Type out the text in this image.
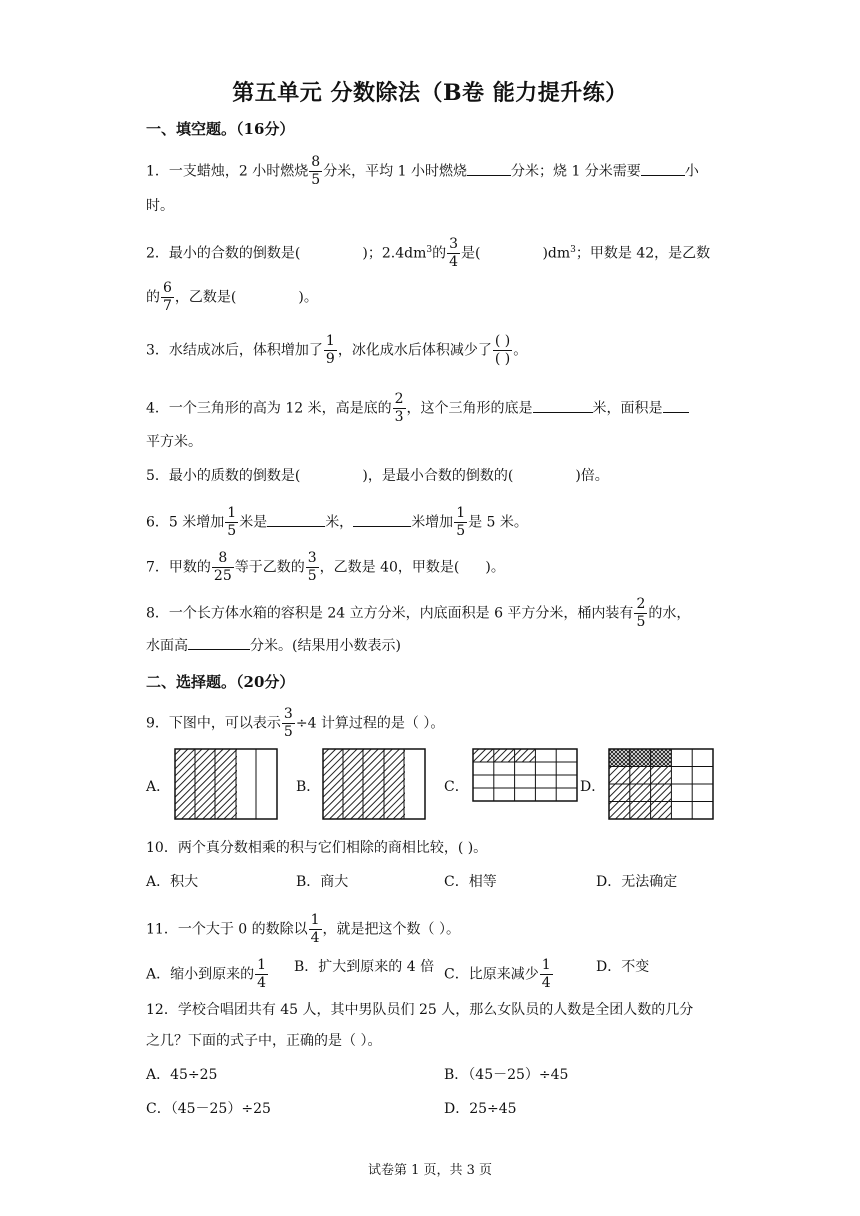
第五单元 分数除法（B卷 能力提升练）
一、填空题。（16分）
1．一支蜡烛，2 小时燃烧 $\frac{8}{5}$ 分米，平均 1 小时燃烧	分米；烧 1 分米需要	小
时。
2．最小的合数的倒数是(	)；$2.4dm^3$的 $\frac{3}{4}$ 是(	)$dm^3$；甲数是 42，是乙数
的 $\frac{6}{7}$ ，乙数是(	)。
3．水结成冰后，体积增加了 $\frac{1}{9}$ ，冰化成水后体积减少了 $\frac{( )}{( )}$ 。
4．一个三角形的高为 12 米，高是底的 $\frac{2}{3}$ ，这个三角形的底是	米，面积是
平方米。
5．最小的质数的倒数是(	)，是最小合数的倒数的(	)倍。
6．5 米增加 $\frac{1}{5}$ 米是	米，	米增加 $\frac{1}{5}$ 是 5 米。
7．甲数的 $\frac{8}{25}$ 等于乙数的 $\frac{3}{5}$ ，乙数是 40，甲数是( )。
8．一个长方体水箱的容积是 24 立方分米，内底面积是 6 平方分米，桶内装有 $\frac{2}{5}$ 的水，
水面高	分米。(结果用小数表示)
二、选择题。（20分）
9．下图中，可以表示 $\frac{3}{5} \div 4$ 计算过程的是（ ）。
A．	B．	C．	D．
10．两个真分数相乘的积与它们相除的商相比较，( )。
A．积大	B．商大	C．相等	D．无法确定
11．一个大于 0 的数除以 $\frac{1}{4}$ ，就是把这个数（ ）。
A．缩小到原来的 $\frac{1}{4}$ B．扩大到原来的 4 倍 C．比原来减少 $\frac{1}{4}$	D．不变
12．学校合唱团共有 45 人，其中男队员们 25 人，那么女队员的人数是全团人数的几分
之几？下面的式子中，正确的是（ ）。
A．45÷25	B．（45－25）÷45
C．（45－25）÷25	D．25÷45
试卷第 1 页，共 3 页
